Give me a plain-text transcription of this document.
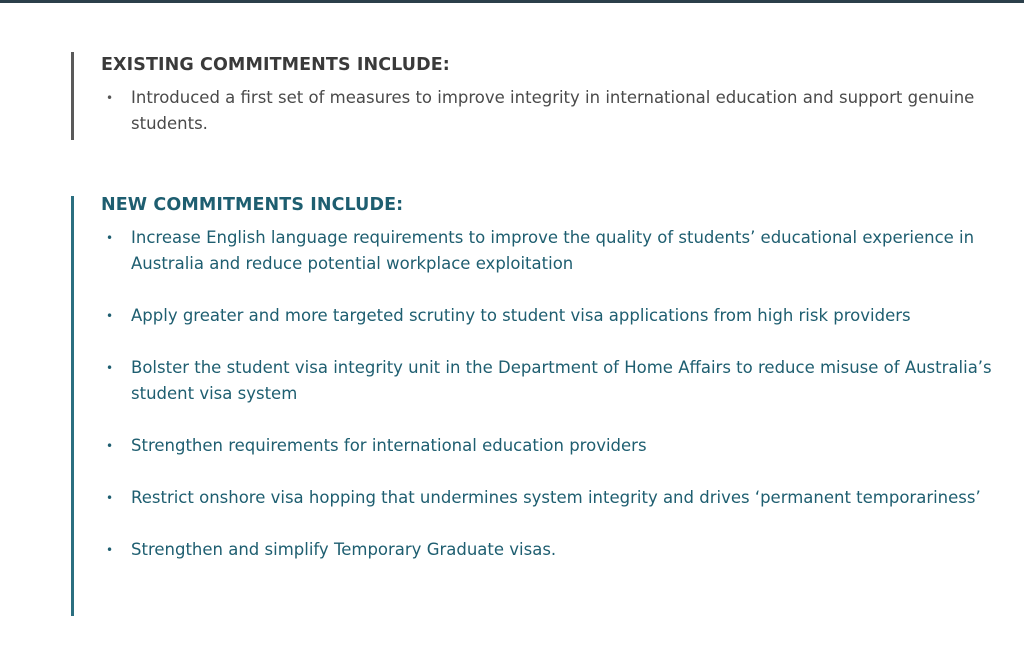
EXISTING COMMITMENTS INCLUDE:
• Introduced a first set of measures to improve integrity in international education and support genuine students.
NEW COMMITMENTS INCLUDE:
• Increase English language requirements to improve the quality of students’ educational experience in Australia and reduce potential workplace exploitation
• Apply greater and more targeted scrutiny to student visa applications from high risk providers
• Bolster the student visa integrity unit in the Department of Home Affairs to reduce misuse of Australia’s student visa system
• Strengthen requirements for international education providers
• Restrict onshore visa hopping that undermines system integrity and drives ‘permanent temporariness’
• Strengthen and simplify Temporary Graduate visas.
